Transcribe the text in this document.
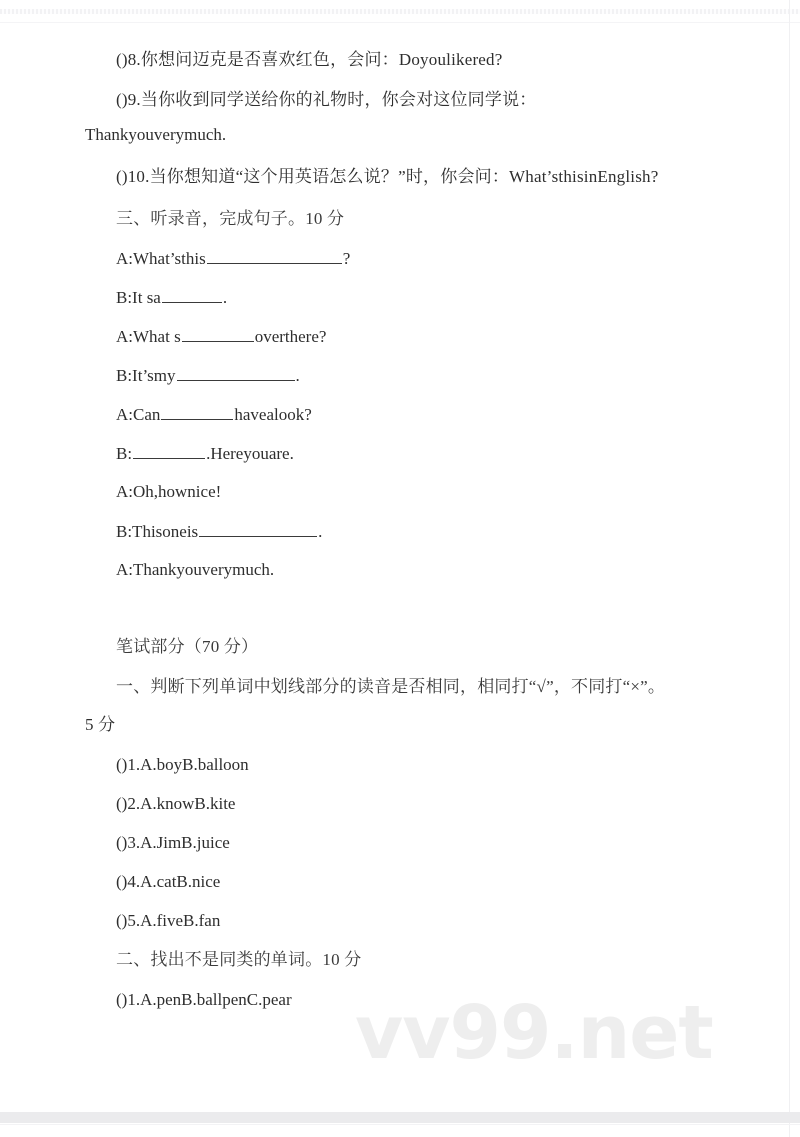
vv99.net
()8.你想问迈克是否喜欢红色，会问：Doyoulikered?
()9.当你收到同学送给你的礼物时，你会对这位同学说：
Thankyouverymuch.
()10.当你想知道“这个用英语怎么说？”时，你会问：What’sthisinEnglish?
三、听录音，完成句子。10 分
A:What’sthis	?
B:It sa	.
A:What s	overthere?
B:It’smy	.
A:Can	havealook?
B:	.Hereyouare.
A:Oh,hownice!
B:Thisoneis	.
A:Thankyouverymuch.
笔试部分（70 分）
一、判断下列单词中划线部分的读音是否相同，相同打“√”，不同打“×”。
5 分
()1.A.boyB.balloon
()2.A.knowB.kite
()3.A.JimB.juice
()4.A.catB.nice
()5.A.fiveB.fan
二、找出不是同类的单词。10 分
()1.A.penB.ballpenC.pear
